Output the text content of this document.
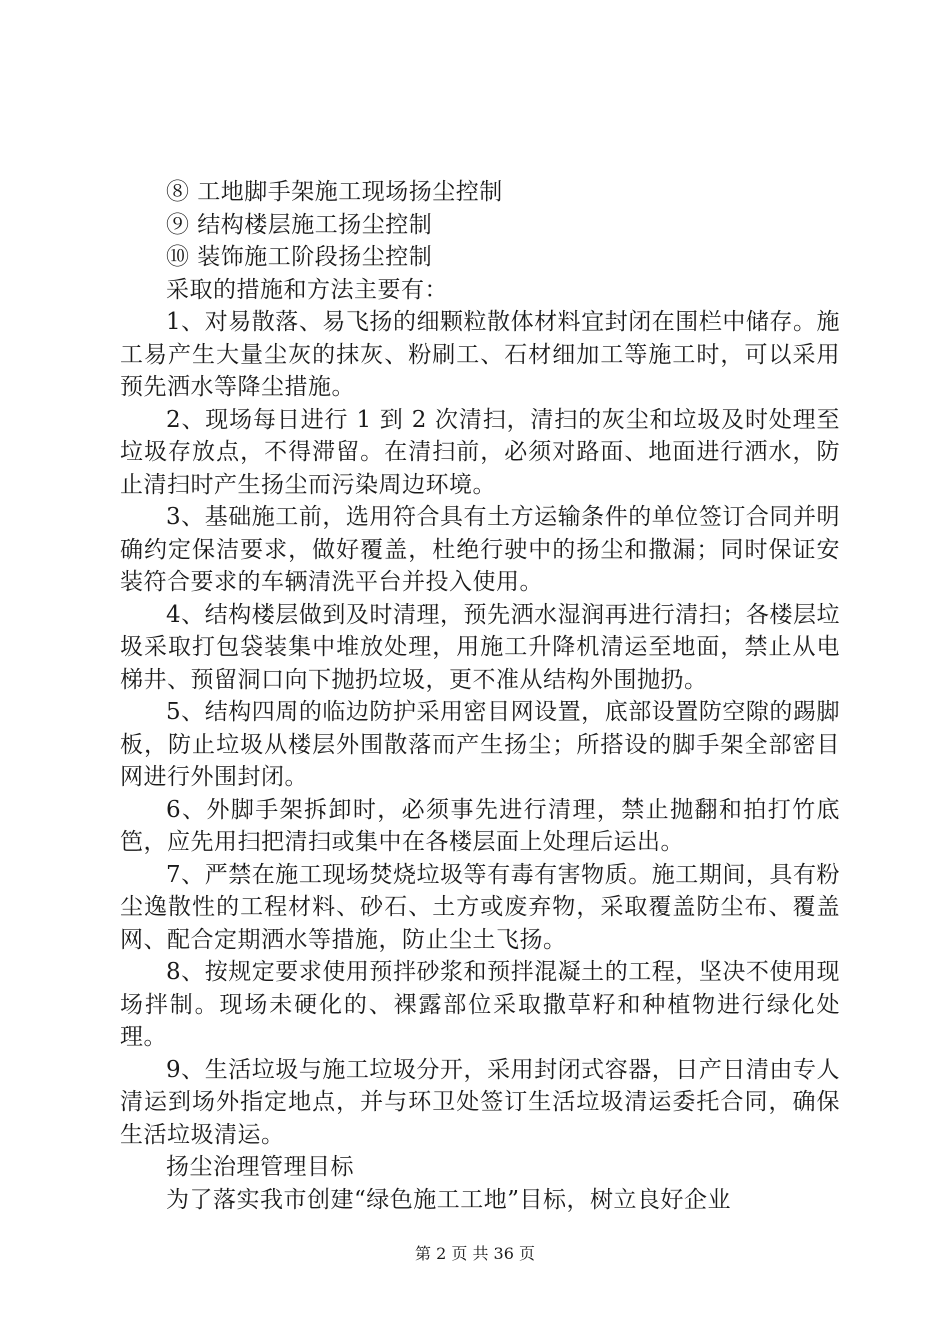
⑧ 工地脚手架施工现场扬尘控制

⑨ 结构楼层施工扬尘控制

⑩ 装饰施工阶段扬尘控制

采取的措施和方法主要有：

1、对易散落、易飞扬的细颗粒散体材料宜封闭在围栏中储存。施工易产生大量尘灰的抹灰、粉刷工、石材细加工等施工时，可以采用预先洒水等降尘措施。

2、现场每日进行 1 到 2 次清扫，清扫的灰尘和垃圾及时处理至垃圾存放点，不得滞留。在清扫前，必须对路面、地面进行洒水，防止清扫时产生扬尘而污染周边环境。

3、基础施工前，选用符合具有土方运输条件的单位签订合同并明确约定保洁要求，做好覆盖，杜绝行驶中的扬尘和撒漏；同时保证安装符合要求的车辆清洗平台并投入使用。

4、结构楼层做到及时清理，预先洒水湿润再进行清扫；各楼层垃圾采取打包袋装集中堆放处理，用施工升降机清运至地面，禁止从电梯井、预留洞口向下抛扔垃圾，更不准从结构外围抛扔。

5、结构四周的临边防护采用密目网设置，底部设置防空隙的踢脚板，防止垃圾从楼层外围散落而产生扬尘；所搭设的脚手架全部密目网进行外围封闭。

6、外脚手架拆卸时，必须事先进行清理，禁止抛翻和拍打竹底笆，应先用扫把清扫或集中在各楼层面上处理后运出。

7、严禁在施工现场焚烧垃圾等有毒有害物质。施工期间，具有粉尘逸散性的工程材料、砂石、土方或废弃物，采取覆盖防尘布、覆盖网、配合定期洒水等措施，防止尘土飞扬。

8、按规定要求使用预拌砂浆和预拌混凝土的工程，坚决不使用现场拌制。现场未硬化的、裸露部位采取撒草籽和种植物进行绿化处理。

9、生活垃圾与施工垃圾分开，采用封闭式容器，日产日清由专人清运到场外指定地点，并与环卫处签订生活垃圾清运委托合同，确保生活垃圾清运。

扬尘治理管理目标

为了落实我市创建“绿色施工工地”目标，树立良好企业

第 2 页 共 36 页
